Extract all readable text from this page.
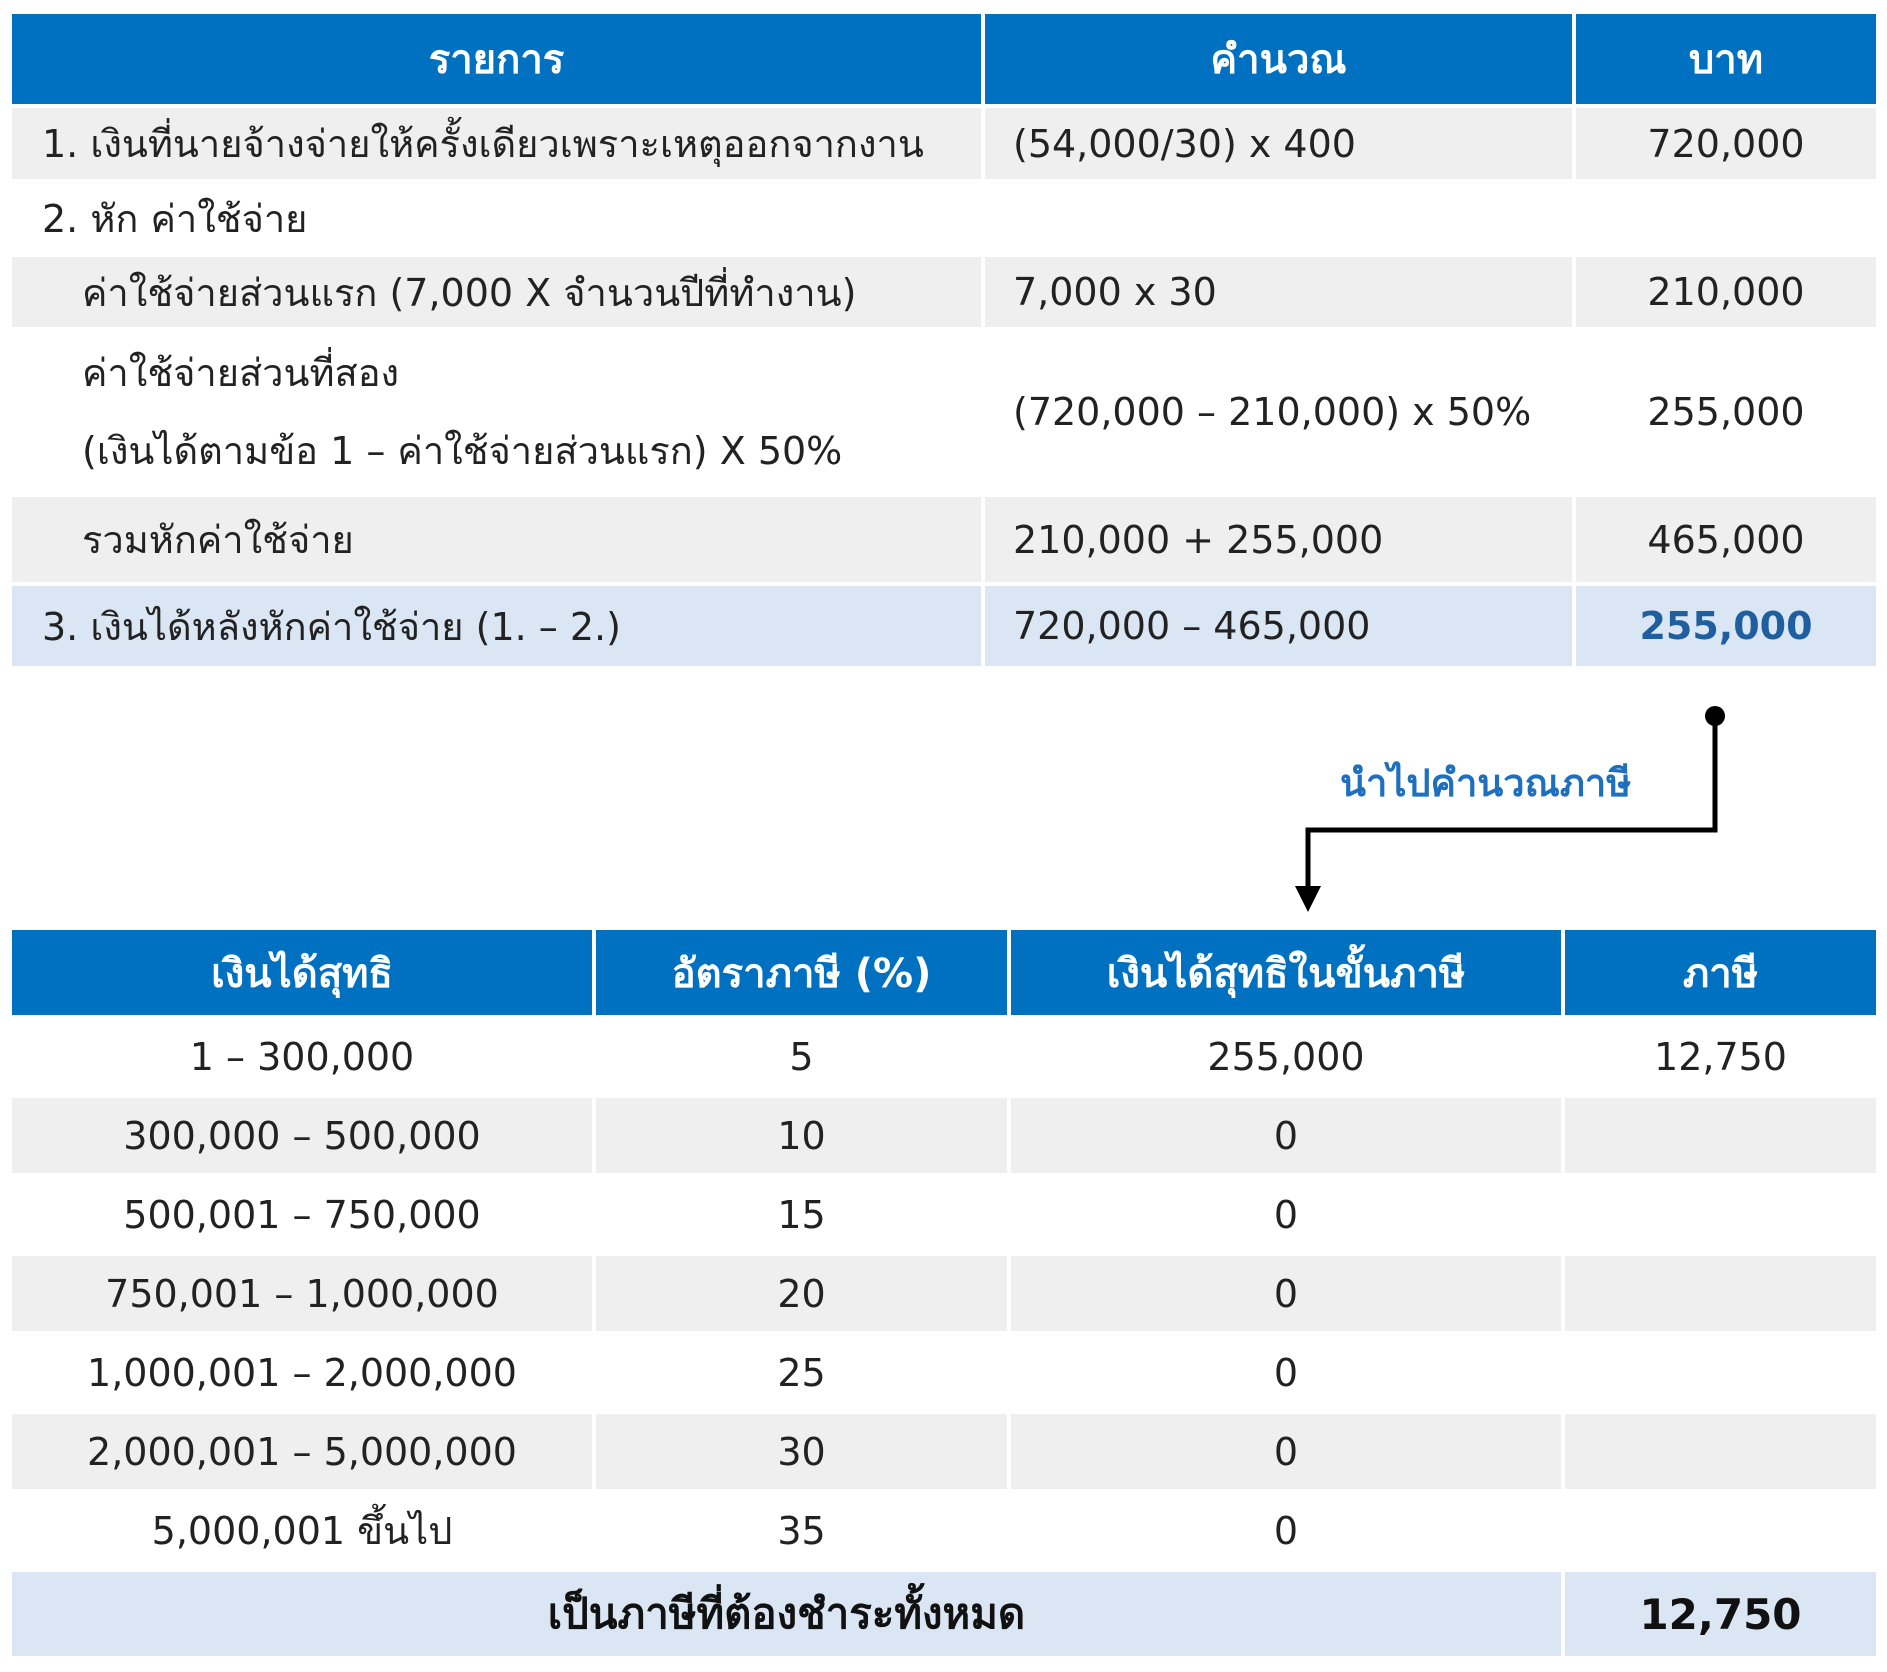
รายการ	คำนวณ	บาท
1. เงินที่นายจ้างจ่ายให้ครั้งเดียวเพราะเหตุออกจากงาน	(54,000/30) x 400	720,000
2. หัก ค่าใช้จ่าย		
ค่าใช้จ่ายส่วนแรก (7,000 X จำนวนปีที่ทำงาน)	7,000 x 30	210,000

ค่าใช้จ่ายส่วนที่สอง
(เงินได้ตามข้อ 1 – ค่าใช้จ่ายส่วนแรก) X 50%	(720,000 – 210,000) x 50%	255,000
รวมหักค่าใช้จ่าย	210,000 + 255,000	465,000
3. เงินได้หลังหักค่าใช้จ่าย (1. – 2.)	720,000 – 465,000	255,000
นำไปคำนวณภาษี
เงินได้สุทธิ	อัตราภาษี (%)	เงินได้สุทธิในขั้นภาษี	ภาษี
1 – 300,000	5	255,000	12,750
300,000 – 500,000	10	0	
500,001 – 750,000	15	0	
750,001 – 1,000,000	20	0	
1,000,001 – 2,000,000	25	0	
2,000,001 – 5,000,000	30	0	
5,000,001 ขึ้นไป	35	0	
เป็นภาษีที่ต้องชำระทั้งหมด			12,750
